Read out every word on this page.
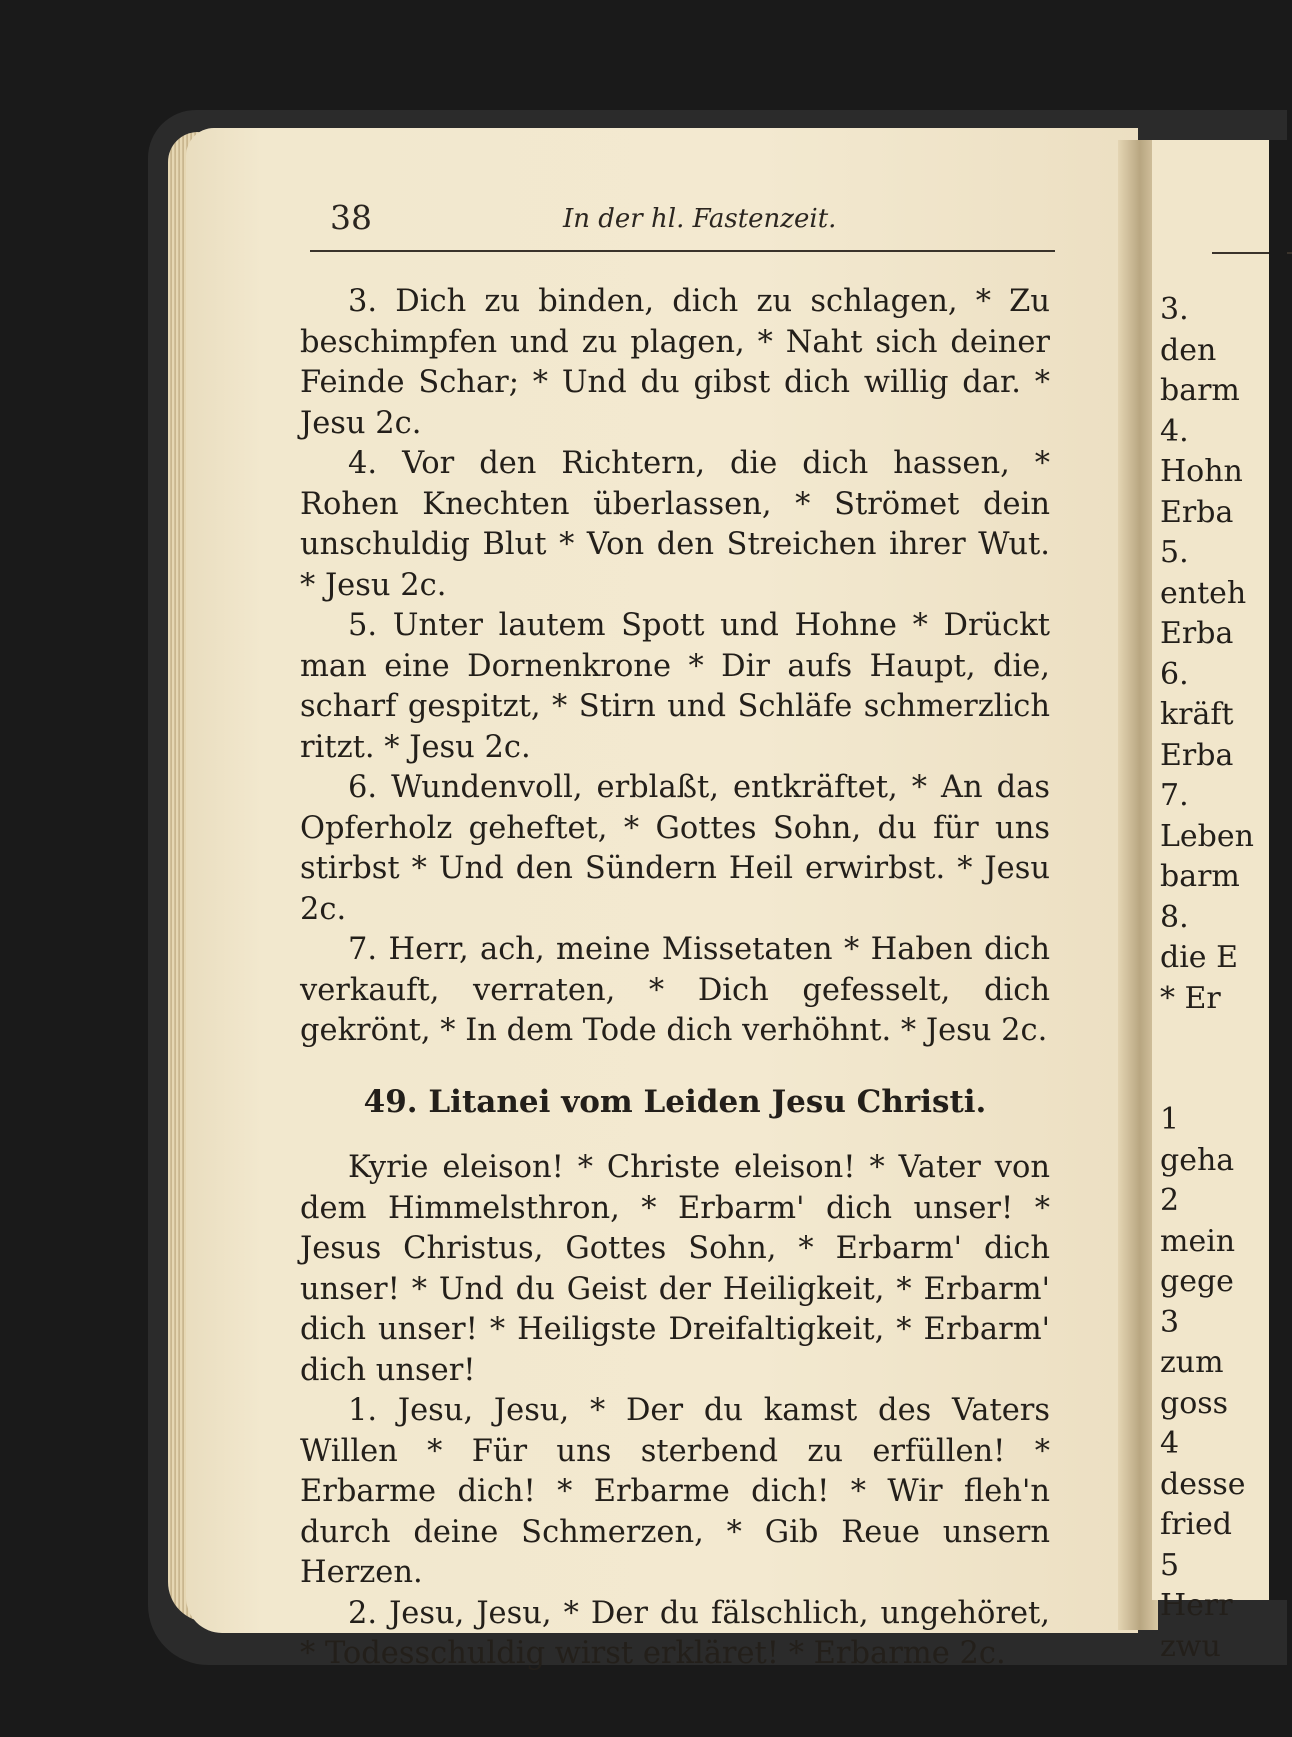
3.
den
barm
4.
Hohn
Erba
5.
enteh
Erba
6.
kräft
Erba
7.
Leben
barm
8.
die E
* Er
1
geha
2
mein
gege
3
zum
goss
4
desse
fried
5
Herr
zwu
38	In der hl. Fastenzeit.

3. Dich zu binden, dich zu schlagen, * Zu beschimpfen und zu plagen, * Naht sich deiner Feinde Schar; * Und du gibst dich willig dar. * Jesu 2c.

4. Vor den Richtern, die dich hassen, * Rohen Knechten überlassen, * Strömet dein unschuldig Blut * Von den Streichen ihrer Wut. * Jesu 2c.

5. Unter lautem Spott und Hohne * Drückt man eine Dornenkrone * Dir aufs Haupt, die, scharf gespitzt, * Stirn und Schläfe schmerzlich ritzt. * Jesu 2c.

6. Wundenvoll, erblaßt, entkräftet, * An das Opferholz geheftet, * Gottes Sohn, du für uns stirbst * Und den Sündern Heil erwirbst. * Jesu 2c.

7. Herr, ach, meine Missetaten * Haben dich verkauft, verraten, * Dich gefesselt, dich gekrönt, * In dem Tode dich verhöhnt. * Jesu 2c.

49. Litanei vom Leiden Jesu Christi.

Kyrie eleison! * Christe eleison! * Vater von dem Himmelsthron, * Erbarm' dich unser! * Jesus Christus, Gottes Sohn, * Erbarm' dich unser! * Und du Geist der Heiligkeit, * Erbarm' dich unser! * Heiligste Dreifaltigkeit, * Erbarm' dich unser!

1. Jesu, Jesu, * Der du kamst des Vaters Willen * Für uns sterbend zu erfüllen! * Erbarme dich! * Erbarme dich! * Wir fleh'n durch deine Schmerzen, * Gib Reue unsern Herzen.

2. Jesu, Jesu, * Der du fälschlich, ungehöret, * Todesschuldig wirst erkläret! * Erbarme 2c.
